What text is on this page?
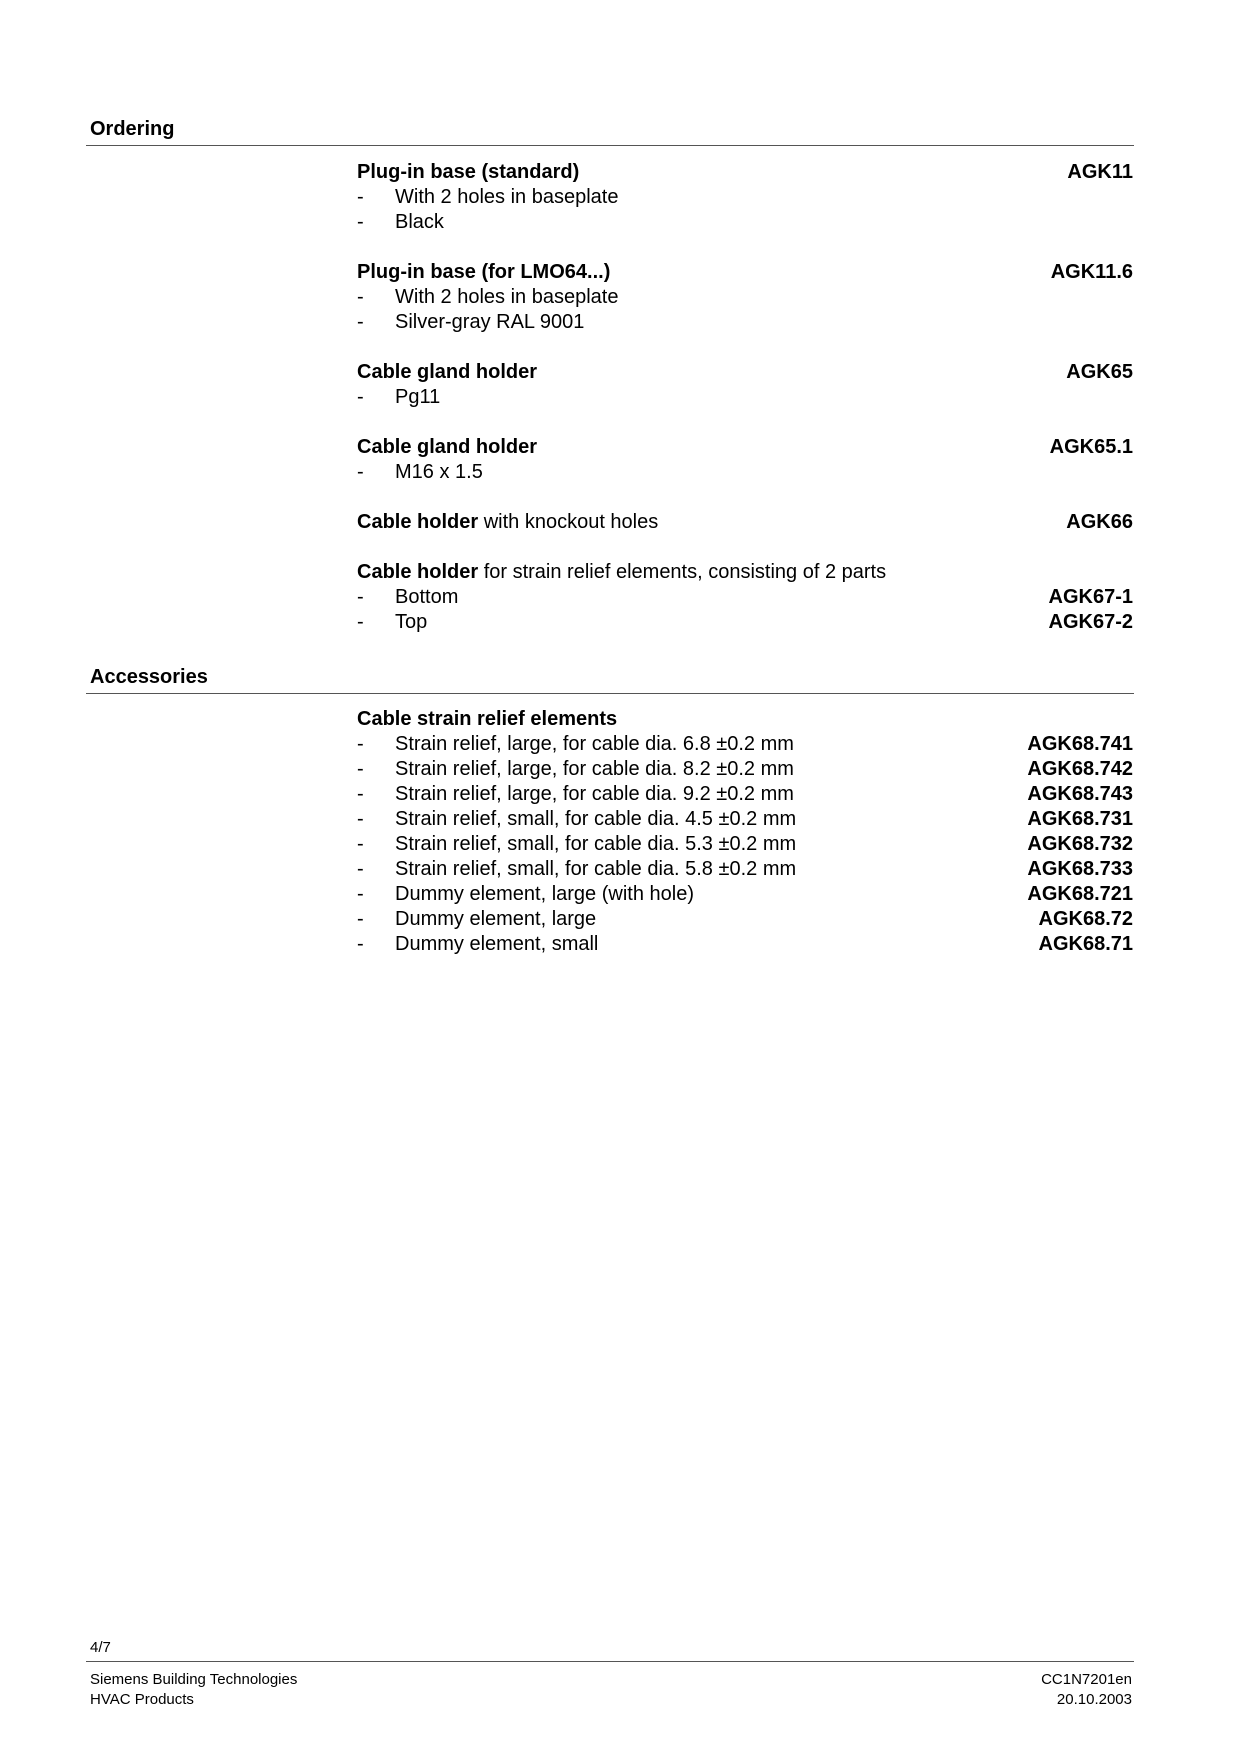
Ordering
Plug-in base (standard)	AGK11
-	With 2 holes in baseplate
-	Black
Plug-in base (for LMO64...)	AGK11.6
-	With 2 holes in baseplate
-	Silver-gray RAL 9001
Cable gland holder	AGK65
-	Pg11
Cable gland holder	AGK65.1
-	M16 x 1.5
Cable holder with knockout holes	AGK66
Cable holder for strain relief elements, consisting of 2 parts
-	Bottom	AGK67-1
-	Top	AGK67-2
Accessories
Cable strain relief elements
-	Strain relief, large, for cable dia. 6.8 ±0.2 mm	AGK68.741
-	Strain relief, large, for cable dia. 8.2 ±0.2 mm	AGK68.742
-	Strain relief, large, for cable dia. 9.2 ±0.2 mm	AGK68.743
-	Strain relief, small, for cable dia. 4.5 ±0.2 mm	AGK68.731
-	Strain relief, small, for cable dia. 5.3 ±0.2 mm	AGK68.732
-	Strain relief, small, for cable dia. 5.8 ±0.2 mm	AGK68.733
-	Dummy element, large (with hole)	AGK68.721
-	Dummy element, large	AGK68.72
-	Dummy element, small	AGK68.71
4/7
Siemens Building Technologies
HVAC Products
CC1N7201en
20.10.2003
